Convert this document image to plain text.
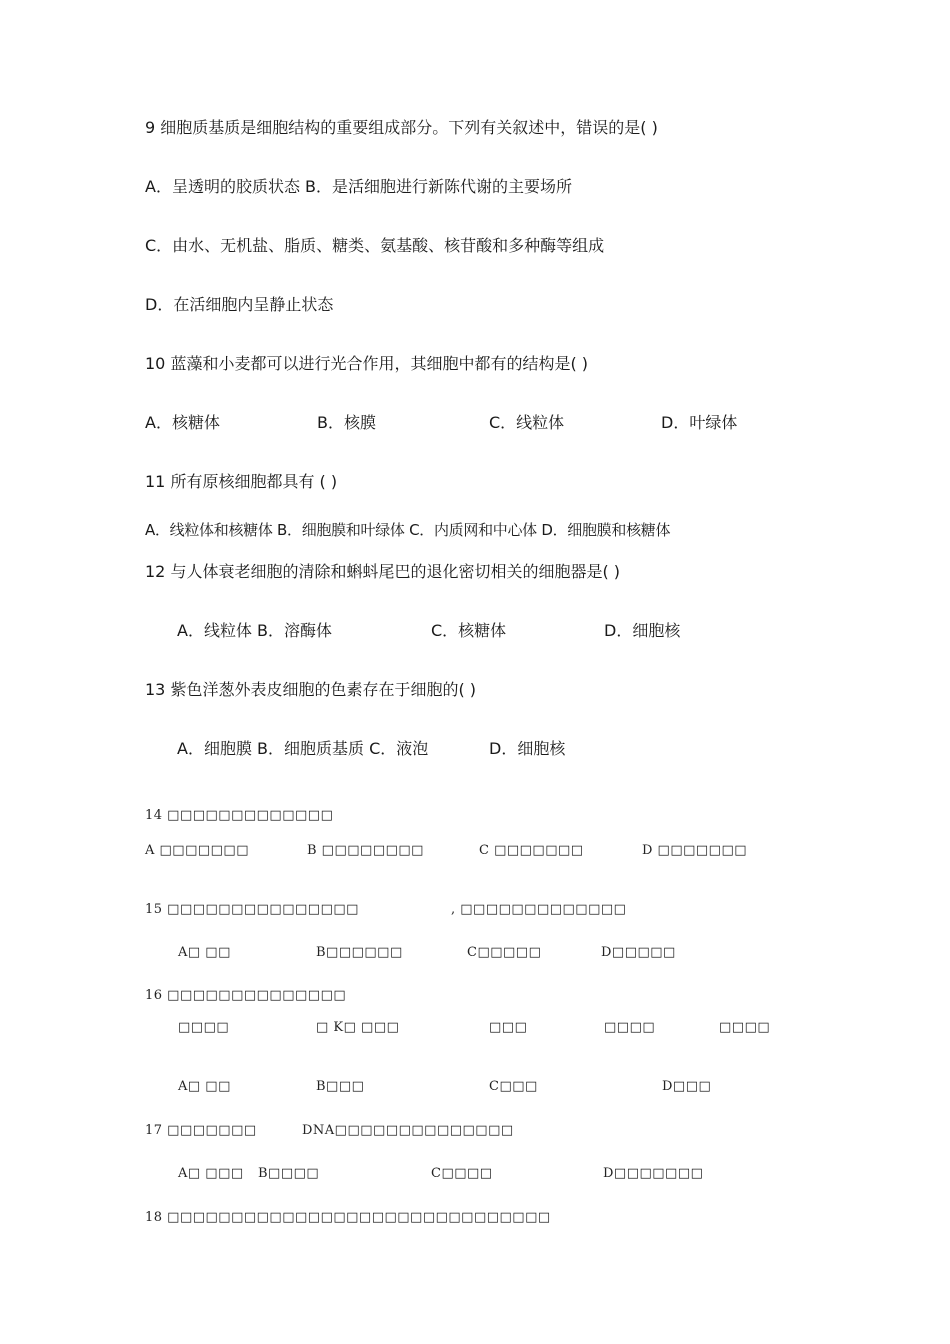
9 细胞质基质是细胞结构的重要组成部分。下列有关叙述中，错误的是( )
A．呈透明的胶质状态 B．是活细胞进行新陈代谢的主要场所
C．由水、无机盐、脂质、糖类、氨基酸、核苷酸和多种酶等组成
D．在活细胞内呈静止状态
10 蓝藻和小麦都可以进行光合作用，其细胞中都有的结构是( )
A．核糖体	B．核膜	C．线粒体	D．叶绿体
11 所有原核细胞都具有 ( )
A．线粒体和核糖体 B．细胞膜和叶绿体 C．内质网和中心体 D．细胞膜和核糖体
12 与人体衰老细胞的清除和蝌蚪尾巴的退化密切相关的细胞器是( )
A．线粒体 B．溶酶体	C．核糖体	D．细胞核
13 紫色洋葱外表皮细胞的色素存在于细胞的( )
A．细胞膜 B．细胞质基质 C．液泡	D．细胞核
14 □□□□□□□□□□□□□
A □□□□□□□	B □□□□□□□□	C □□□□□□□	D □□□□□□□
15 □□□□□□□□□□□□□□□	, □□□□□□□□□□□□□
A□ □□	B□□□□□□	C□□□□□	D□□□□□
16 □□□□□□□□□□□□□□
□□□□	□ K□ □□□	□□□	□□□□	□□□□
A□ □□	B□□□	C□□□	D□□□
17 □□□□□□□	DNA□□□□□□□□□□□□□□
A□ □□□ B□□□□	C□□□□	D□□□□□□□
18 □□□□□□□□□□□□□□□□□□□□□□□□□□□□□□
